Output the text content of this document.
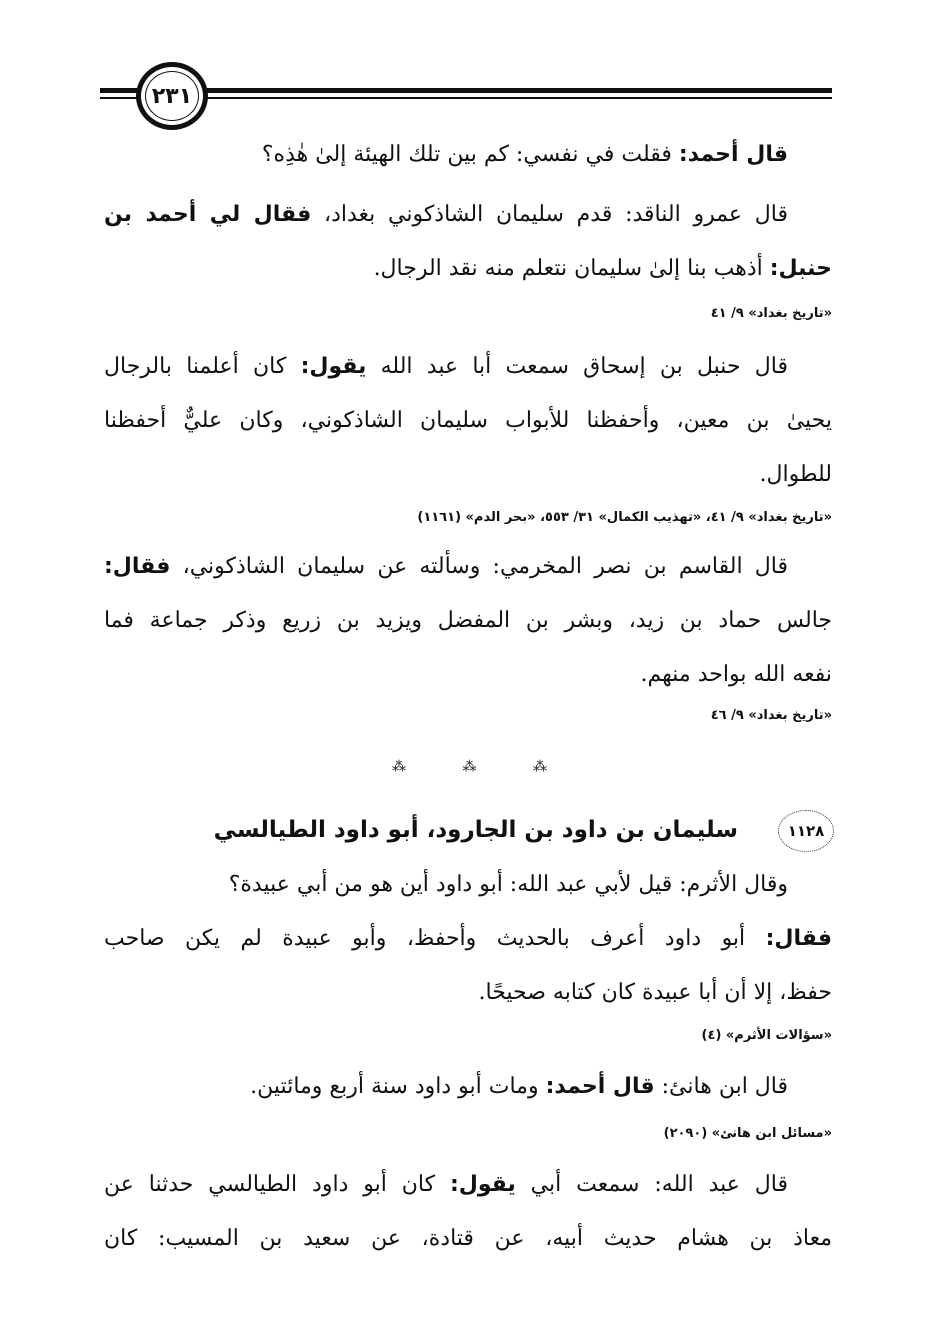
٢٣١
قال أحمد: فقلت في نفسي: كم بين تلك الهيئة إلىٰ هٰذِه؟
قال عمرو الناقد: قدم سليمان الشاذكوني بغداد، فقال لي أحمد بن
حنبل: أذهب بنا إلىٰ سليمان نتعلم منه نقد الرجال.
«تاريخ بغداد» ٩/ ٤١
قال حنبل بن إسحاق سمعت أبا عبد الله يقول: كان أعلمنا بالرجال
يحيىٰ بن معين، وأحفظنا للأبواب سليمان الشاذكوني، وكان عليٌّ أحفظنا
للطوال.
«تاريخ بغداد» ٩/ ٤١، «تهذيب الكمال» ٣١/ ٥٥٣، «بحر الدم» (١١٦١)
قال القاسم بن نصر المخرمي: وسألته عن سليمان الشاذكوني، فقال:
جالس حماد بن زيد، وبشر بن المفضل ويزيد بن زريع وذكر جماعة فما
نفعه الله بواحد منهم.
«تاريخ بغداد» ٩/ ٤٦
⁂
⁂
⁂
١١٢٨
سليمان بن داود بن الجارود، أبو داود الطيالسي
وقال الأثرم: قيل لأبي عبد الله: أبو داود أين هو من أبي عبيدة؟
فقال: أبو داود أعرف بالحديث وأحفظ، وأبو عبيدة لم يكن صاحب
حفظ، إلا أن أبا عبيدة كان كتابه صحيحًا.
«سؤالات الأثرم» (٤)
قال ابن هانئ: قال أحمد: ومات أبو داود سنة أربع ومائتين.
«مسائل ابن هانئ» (٢٠٩٠)
قال عبد الله: سمعت أبي يقول: كان أبو داود الطيالسي حدثنا عن
معاذ بن هشام حديث أبيه، عن قتادة، عن سعيد بن المسيب: كان
